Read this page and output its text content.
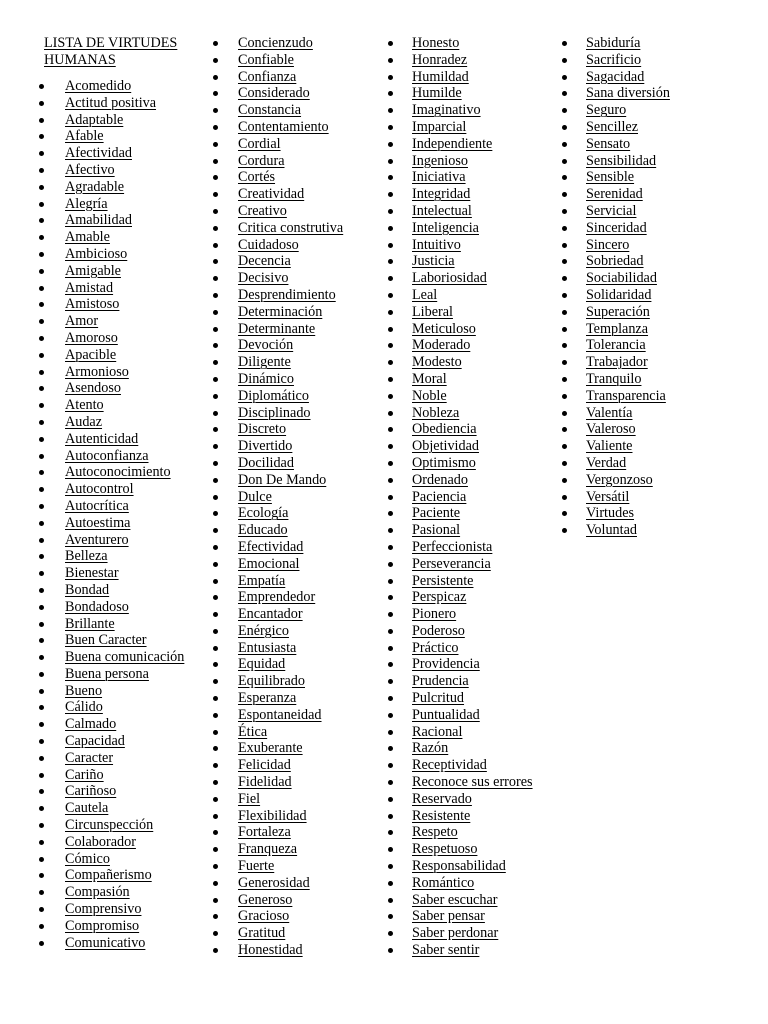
LISTA DE VIRTUDES
HUMANAS
Acomedido
Actitud positiva
Adaptable
Afable
Afectividad
Afectivo
Agradable
Alegría
Amabilidad
Amable
Ambicioso
Amigable
Amistad
Amistoso
Amor
Amoroso
Apacible
Armonioso
Asendoso
Atento
Audaz
Autenticidad
Autoconfianza
Autoconocimiento
Autocontrol
Autocrítica
Autoestima
Aventurero
Belleza
Bienestar
Bondad
Bondadoso
Brillante
Buen Caracter
Buena comunicación
Buena persona
Bueno
Cálido
Calmado
Capacidad
Caracter
Cariño
Cariñoso
Cautela
Circunspección
Colaborador
Cómico
Compañerismo
Compasión
Comprensivo
Compromiso
Comunicativo
Concienzudo
Confiable
Confianza
Considerado
Constancia
Contentamiento
Cordial
Cordura
Cortés
Creatividad
Creativo
Critica construtiva
Cuidadoso
Decencia
Decisivo
Desprendimiento
Determinación
Determinante
Devoción
Diligente
Dinámico
Diplomático
Disciplinado
Discreto
Divertido
Docilidad
Don De Mando
Dulce
Ecología
Educado
Efectividad
Emocional
Empatía
Emprendedor
Encantador
Enérgico
Entusiasta
Equidad
Equilibrado
Esperanza
Espontaneidad
Ética
Exuberante
Felicidad
Fidelidad
Fiel
Flexibilidad
Fortaleza
Franqueza
Fuerte
Generosidad
Generoso
Gracioso
Gratitud
Honestidad
Honesto
Honradez
Humildad
Humilde
Imaginativo
Imparcial
Independiente
Ingenioso
Iniciativa
Integridad
Intelectual
Inteligencia
Intuitivo
Justicia
Laboriosidad
Leal
Liberal
Meticuloso
Moderado
Modesto
Moral
Noble
Nobleza
Obediencia
Objetividad
Optimismo
Ordenado
Paciencia
Paciente
Pasional
Perfeccionista
Perseverancia
Persistente
Perspicaz
Pionero
Poderoso
Práctico
Providencia
Prudencia
Pulcritud
Puntualidad
Racional
Razón
Receptividad
Reconoce sus errores
Reservado
Resistente
Respeto
Respetuoso
Responsabilidad
Romántico
Saber escuchar
Saber pensar
Saber perdonar
Saber sentir
Sabiduría
Sacrificio
Sagacidad
Sana diversión
Seguro
Sencillez
Sensato
Sensibilidad
Sensible
Serenidad
Servicial
Sinceridad
Sincero
Sobriedad
Sociabilidad
Solidaridad
Superación
Templanza
Tolerancia
Trabajador
Tranquilo
Transparencia
Valentía
Valeroso
Valiente
Verdad
Vergonzoso
Versátil
Virtudes
Voluntad
